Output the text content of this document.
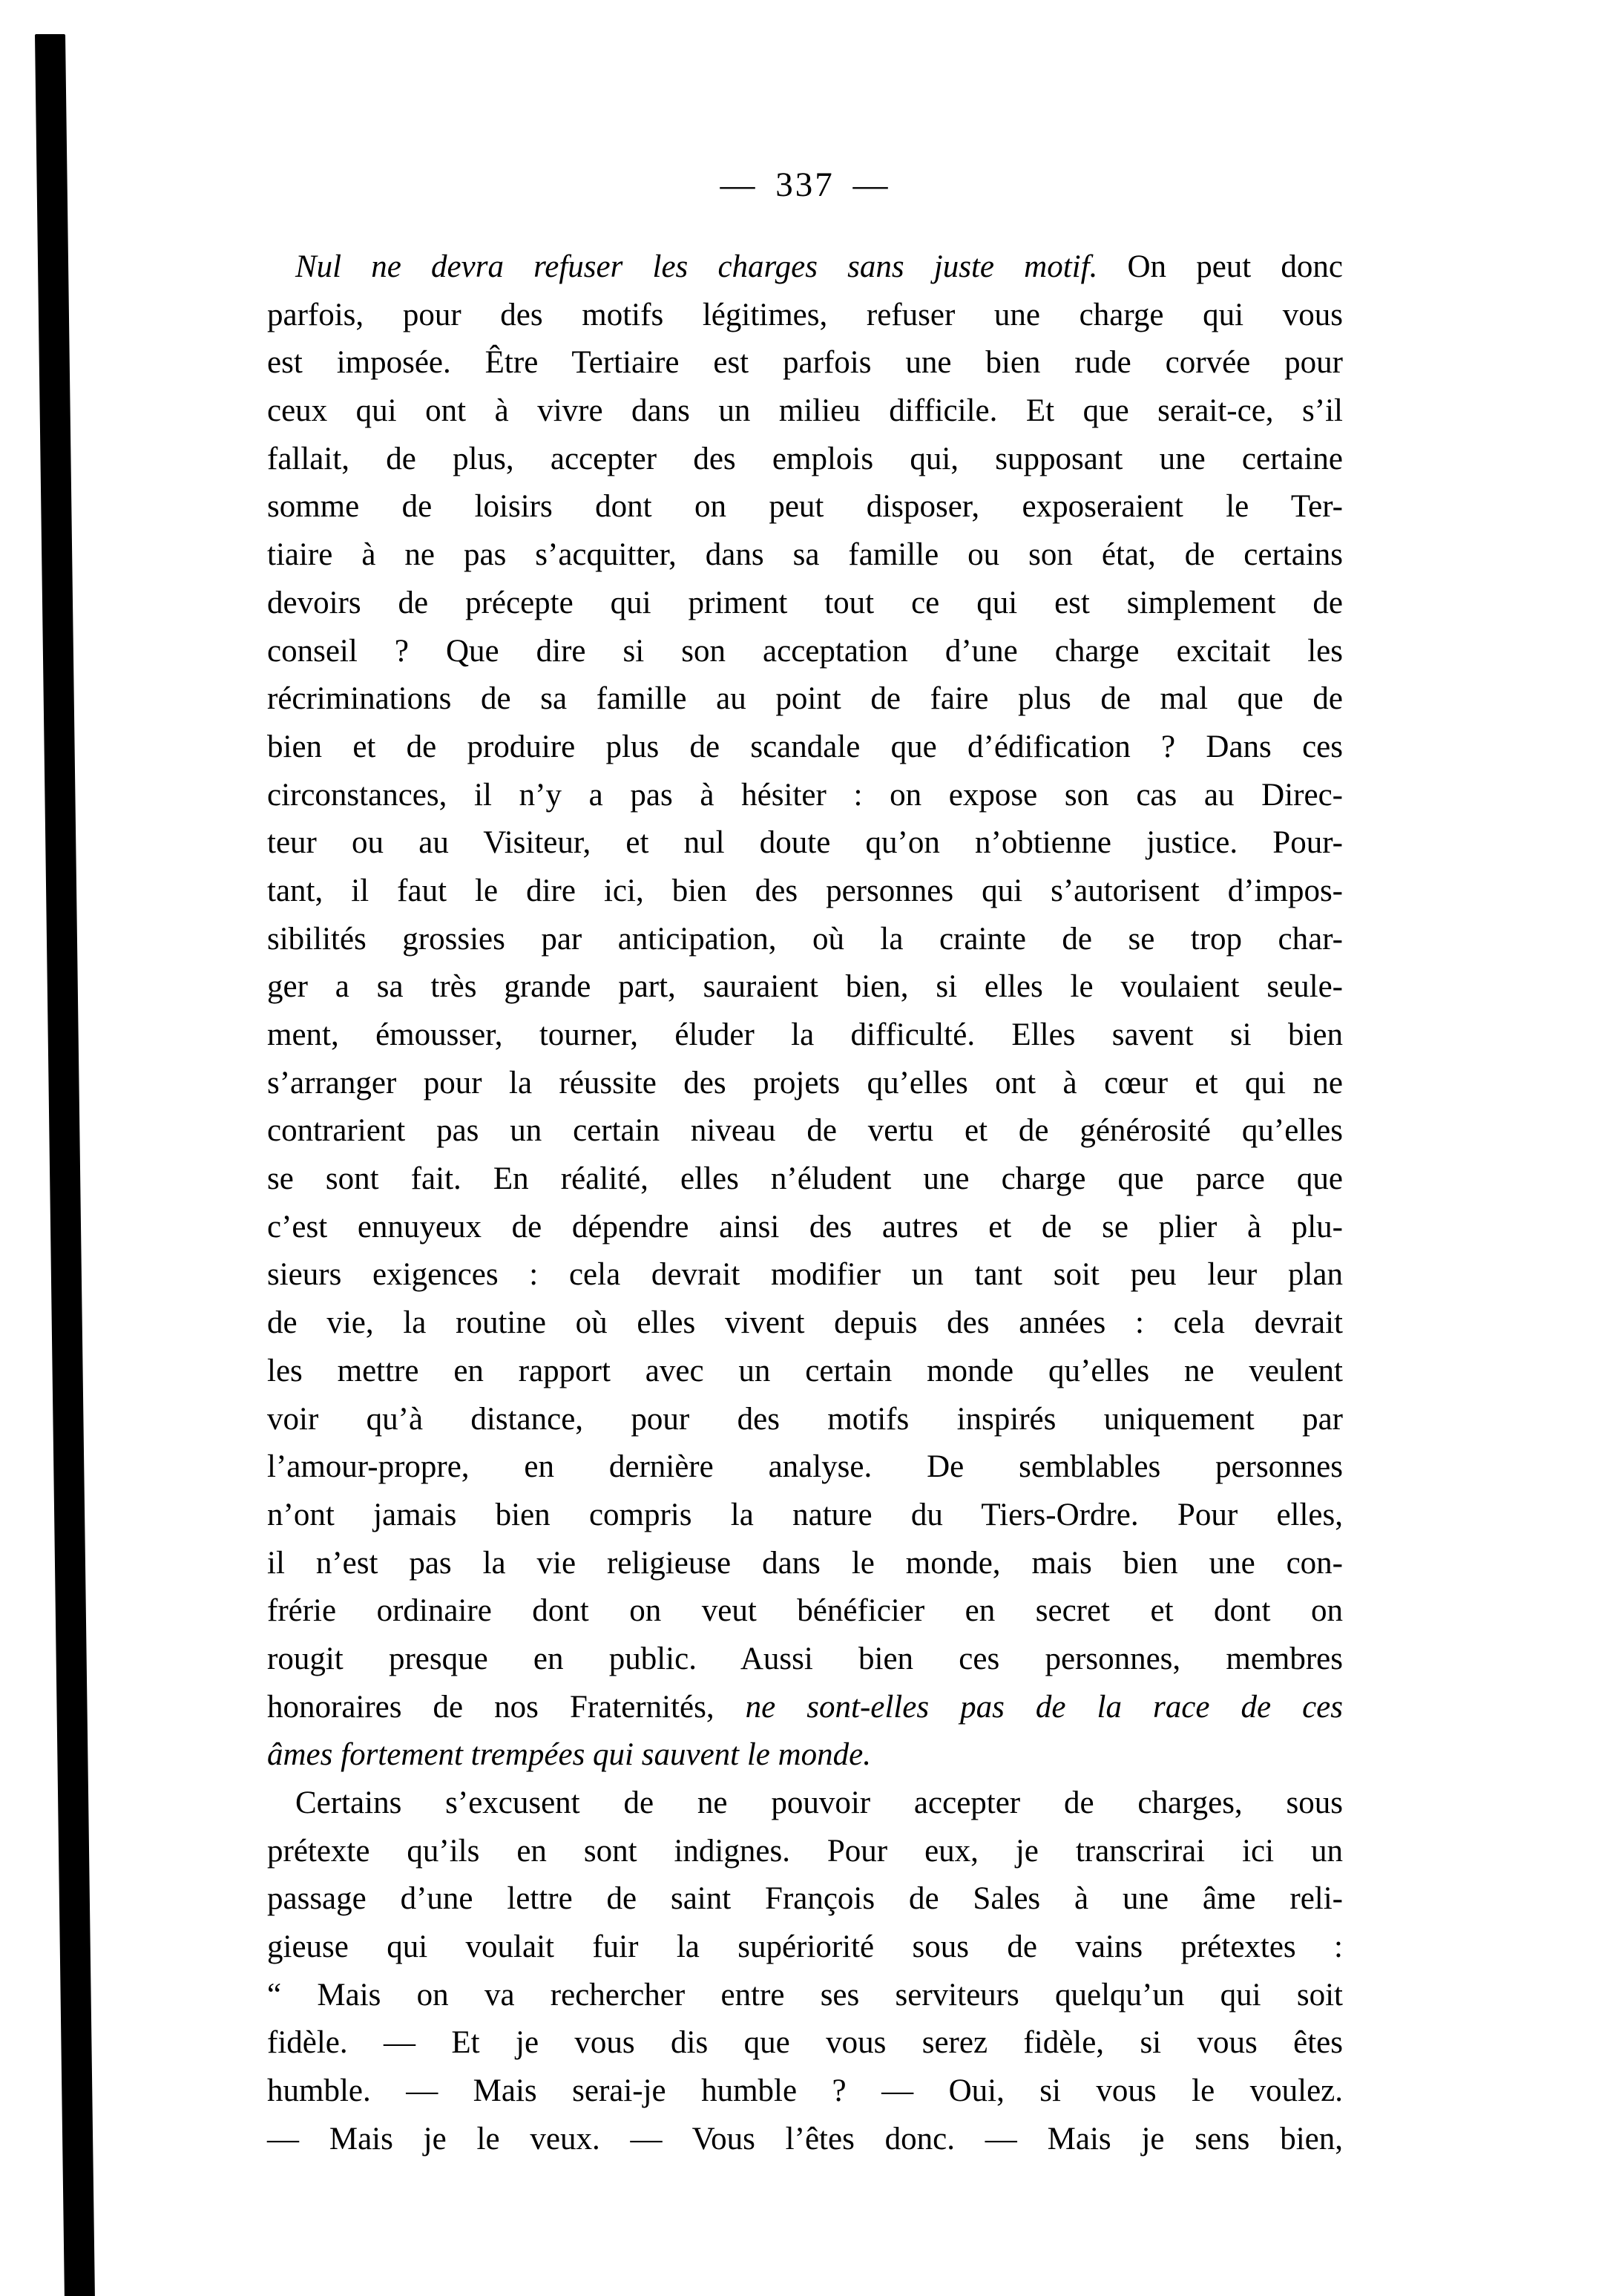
— 337 —
Nul ne devra refuser les charges sans juste motif. On peut donc
parfois, pour des motifs légitimes, refuser une charge qui vous
est imposée. Être Tertiaire est parfois une bien rude corvée pour
ceux qui ont à vivre dans un milieu difficile. Et que serait-ce, s’il
fallait, de plus, accepter des emplois qui, supposant une certaine
somme de loisirs dont on peut disposer, exposeraient le Ter-
tiaire à ne pas s’acquitter, dans sa famille ou son état, de certains
devoirs de précepte qui priment tout ce qui est simplement de
conseil ? Que dire si son acceptation d’une charge excitait les
récriminations de sa famille au point de faire plus de mal que de
bien et de produire plus de scandale que d’édification ? Dans ces
circonstances, il n’y a pas à hésiter : on expose son cas au Direc-
teur ou au Visiteur, et nul doute qu’on n’obtienne justice. Pour-
tant, il faut le dire ici, bien des personnes qui s’autorisent d’impos-
sibilités grossies par anticipation, où la crainte de se trop char-
ger a sa très grande part, sauraient bien, si elles le voulaient seule-
ment, émousser, tourner, éluder la difficulté. Elles savent si bien
s’arranger pour la réussite des projets qu’elles ont à cœur et qui ne
contrarient pas un certain niveau de vertu et de générosité qu’elles
se sont fait. En réalité, elles n’éludent une charge que parce que
c’est ennuyeux de dépendre ainsi des autres et de se plier à plu-
sieurs exigences : cela devrait modifier un tant soit peu leur plan
de vie, la routine où elles vivent depuis des années : cela devrait
les mettre en rapport avec un certain monde qu’elles ne veulent
voir qu’à distance, pour des motifs inspirés uniquement par
l’amour-propre, en dernière analyse. De semblables personnes
n’ont jamais bien compris la nature du Tiers-Ordre. Pour elles,
il n’est pas la vie religieuse dans le monde, mais bien une con-
frérie ordinaire dont on veut bénéficier en secret et dont on
rougit presque en public. Aussi bien ces personnes, membres
honoraires de nos Fraternités, ne sont-elles pas de la race de ces
âmes fortement trempées qui sauvent le monde.
Certains s’excusent de ne pouvoir accepter de charges, sous
prétexte qu’ils en sont indignes. Pour eux, je transcrirai ici un
passage d’une lettre de saint François de Sales à une âme reli-
gieuse qui voulait fuir la supériorité sous de vains prétextes :
“ Mais on va rechercher entre ses serviteurs quelqu’un qui soit
fidèle. — Et je vous dis que vous serez fidèle, si vous êtes
humble. — Mais serai-je humble ? — Oui, si vous le voulez.
— Mais je le veux. — Vous l’êtes donc. — Mais je sens bien,
